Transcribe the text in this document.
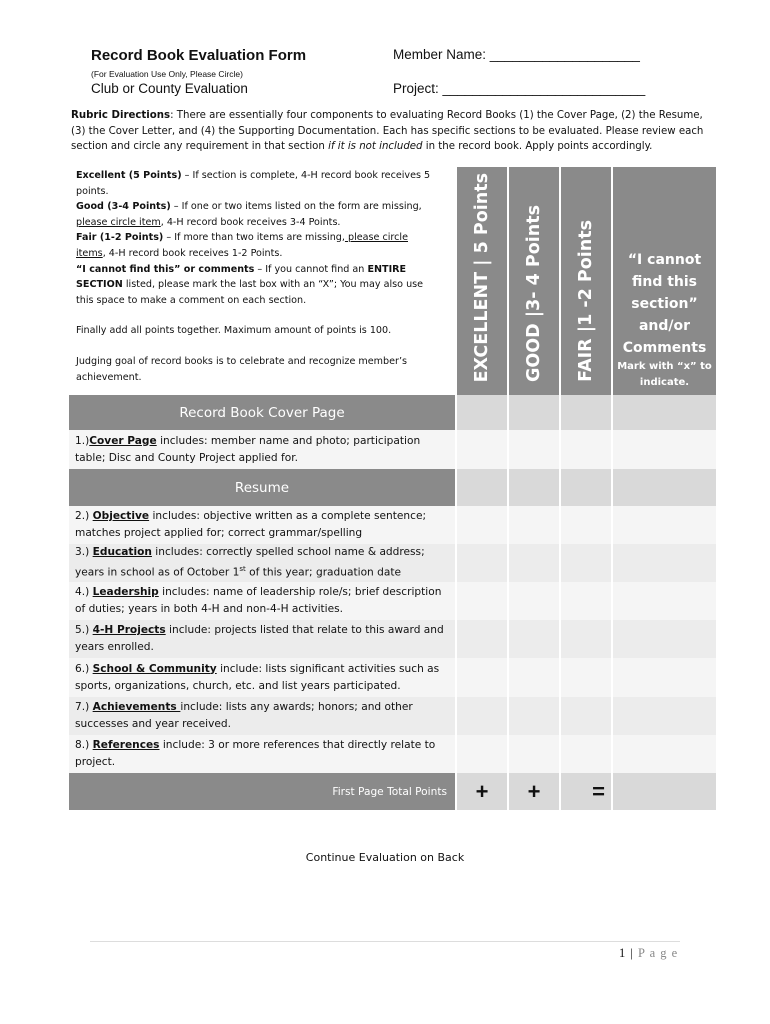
Record Book Evaluation Form
(For Evaluation Use Only, Please Circle)
Club or County Evaluation
Member Name: ____________________
Project: ___________________________
Rubric Directions: There are essentially four components to evaluating Record Books (1) the Cover Page, (2) the Resume, (3) the Cover Letter, and (4) the Supporting Documentation. Each has specific sections to be evaluated. Please review each section and circle any requirement in that section if it is not included in the record book. Apply points accordingly.
	EXCELLENT | 5 Points	GOOD |3- 4 Points	FAIR |1 -2 Points	“I cannot find this section” and/or Comments
Mark with “x” to indicate.

Record Book Cover Page				
1.)Cover Page includes: member name and photo; participation table; Disc and County Project applied for.				
Resume				
2.) Objective includes: objective written as a complete sentence; matches project applied for; correct grammar/spelling				
3.) Education includes: correctly spelled school name & address; years in school as of October 1st of this year; graduation date				
4.) Leadership includes: name of leadership role/s; brief description of duties; years in both 4-H and non-4-H activities.				
5.) 4-H Projects include: projects listed that relate to this award and years enrolled.				
6.) School & Community include: lists significant activities such as sports, organizations, church, etc. and list years participated.				
7.) Achievements include: lists any awards; honors; and other successes and year received.				
8.) References include: 3 or more references that directly relate to project.				
First Page Total Points	+	+	=	

Excellent (5 Points) – If section is complete, 4-H record book receives 5 points.

Good (3-4 Points) – If one or two items listed on the form are missing, please circle item, 4-H record book receives 3-4 Points.

Fair (1-2 Points) – If more than two items are missing, please circle items, 4-H record book receives 1-2 Points.

“I cannot find this” or comments – If you cannot find an ENTIRE SECTION listed, please mark the last box with an “X”; You may also use this space to make a comment on each section.

Finally add all points together. Maximum amount of points is 100.

Judging goal of record books is to celebrate and recognize member’s achievement.

Continue Evaluation on Back
1 | P a g e
